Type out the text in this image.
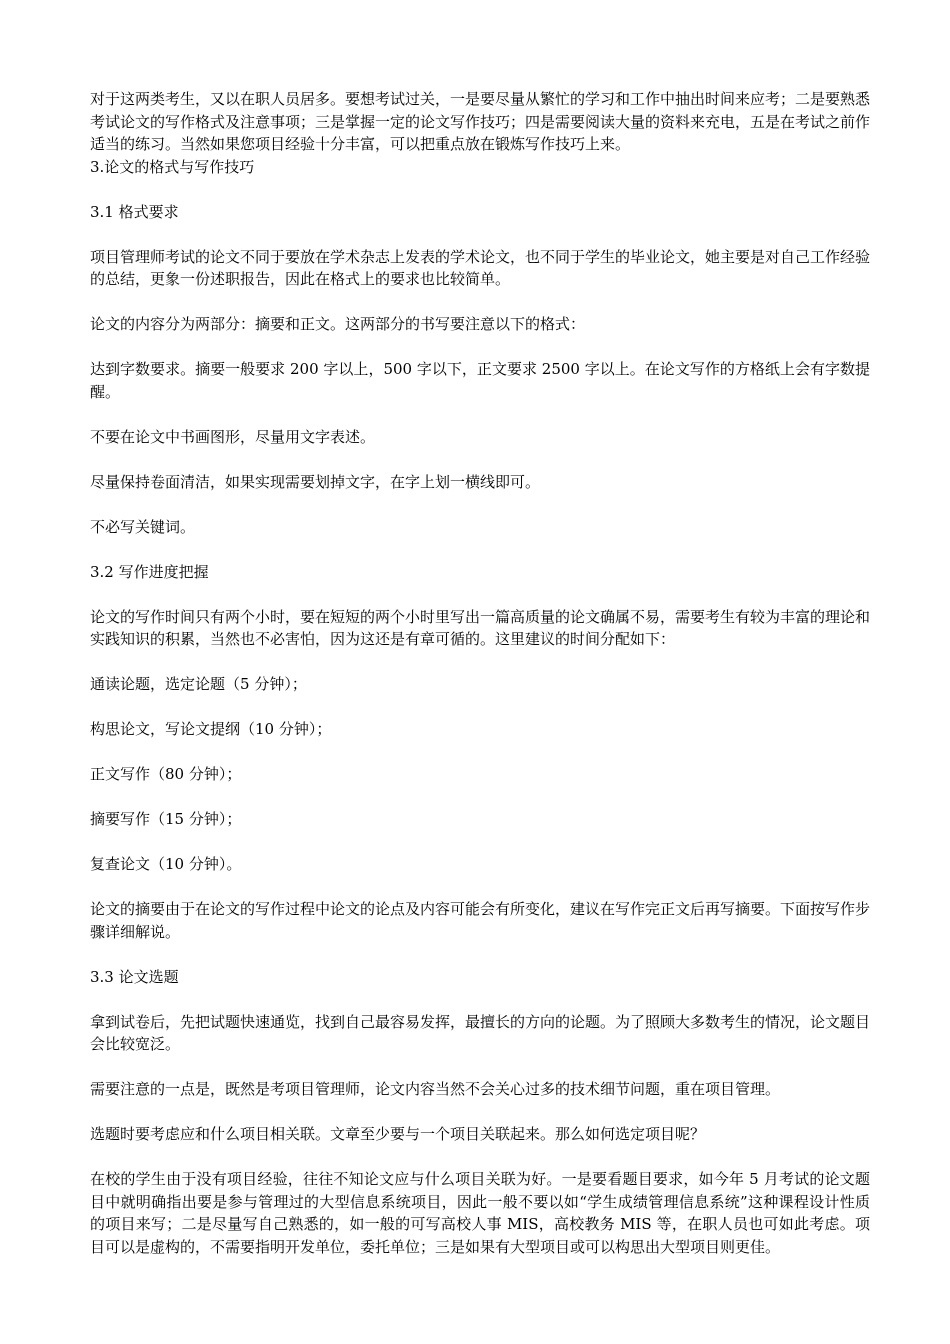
对于这两类考生，又以在职人员居多。要想考试过关，一是要尽量从繁忙的学习和工作中抽出时间来应考；二是要熟悉考试论文的写作格式及注意事项；三是掌握一定的论文写作技巧；四是需要阅读大量的资料来充电，五是在考试之前作适当的练习。当然如果您项目经验十分丰富，可以把重点放在锻炼写作技巧上来。

3.论文的格式与写作技巧

3.1 格式要求

项目管理师考试的论文不同于要放在学术杂志上发表的学术论文，也不同于学生的毕业论文，她主要是对自己工作经验的总结，更象一份述职报告，因此在格式上的要求也比较简单。

论文的内容分为两部分：摘要和正文。这两部分的书写要注意以下的格式：

达到字数要求。摘要一般要求 200 字以上，500 字以下，正文要求 2500 字以上。在论文写作的方格纸上会有字数提醒。

不要在论文中书画图形，尽量用文字表述。

尽量保持卷面清洁，如果实现需要划掉文字，在字上划一横线即可。

不必写关键词。

3.2 写作进度把握

论文的写作时间只有两个小时，要在短短的两个小时里写出一篇高质量的论文确属不易，需要考生有较为丰富的理论和实践知识的积累，当然也不必害怕，因为这还是有章可循的。这里建议的时间分配如下：

通读论题，选定论题（5 分钟）；

构思论文，写论文提纲（10 分钟）；

正文写作（80 分钟）；

摘要写作（15 分钟）；

复查论文（10 分钟）。

论文的摘要由于在论文的写作过程中论文的论点及内容可能会有所变化，建议在写作完正文后再写摘要。下面按写作步骤详细解说。

3.3 论文选题

拿到试卷后，先把试题快速通览，找到自己最容易发挥，最擅长的方向的论题。为了照顾大多数考生的情况，论文题目会比较宽泛。

需要注意的一点是，既然是考项目管理师，论文内容当然不会关心过多的技术细节问题，重在项目管理。

选题时要考虑应和什么项目相关联。文章至少要与一个项目关联起来。那么如何选定项目呢？

在校的学生由于没有项目经验，往往不知论文应与什么项目关联为好。一是要看题目要求，如今年 5 月考试的论文题目中就明确指出要是参与管理过的大型信息系统项目，因此一般不要以如“学生成绩管理信息系统”这种课程设计性质的项目来写；二是尽量写自己熟悉的，如一般的可写高校人事 MIS，高校教务 MIS 等，在职人员也可如此考虑。项目可以是虚构的，不需要指明开发单位，委托单位；三是如果有大型项目或可以构思出大型项目则更佳。
